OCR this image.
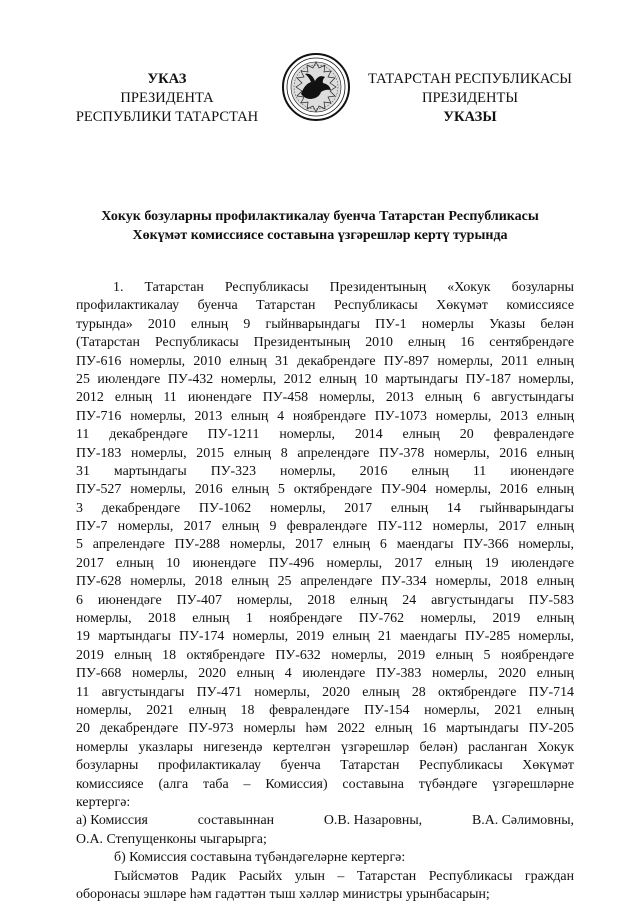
УКАЗ
ПРЕЗИДЕНТА
РЕСПУБЛИКИ ТАТАРСТАН
ТАТАРСТАН РЕСПУБЛИКАСЫ
ПРЕЗИДЕНТЫ
УКАЗЫ
Хокук бозуларны профилактикалау буенча Татарстан Республикасы
Хөкүмәт комиссиясе составына үзгәрешләр кертү турында
1. Татарстан Республикасы Президентының «Хокук бозуларны
профилактикалау буенча Татарстан Республикасы Хөкүмәт комиссиясе
турында» 2010 елның 9 гыйнварындагы ПУ-1 номерлы Указы белән
(Татарстан Республикасы Президентының 2010 елның 16 сентябрендәге
ПУ-616 номерлы, 2010 елның 31 декабрендәге ПУ-897 номерлы, 2011 елның
25 июлендәге ПУ-432 номерлы, 2012 елның 10 мартындагы ПУ-187 номерлы,
2012 елның 11 июнендәге ПУ-458 номерлы, 2013 елның 6 августындагы
ПУ-716 номерлы, 2013 елның 4 ноябрендәге ПУ-1073 номерлы, 2013 елның
11 декабрендәге ПУ-1211 номерлы, 2014 елның 20 февралендәге
ПУ-183 номерлы, 2015 елның 8 апрелендәге ПУ-378 номерлы, 2016 елның
31 мартындагы ПУ-323 номерлы, 2016 елның 11 июнендәге
ПУ-527 номерлы, 2016 елның 5 октябрендәге ПУ-904 номерлы, 2016 елның
3 декабрендәге ПУ-1062 номерлы, 2017 елның 14 гыйнварындагы
ПУ-7 номерлы, 2017 елның 9 февралендәге ПУ-112 номерлы, 2017 елның
5 апрелендәге ПУ-288 номерлы, 2017 елның 6 маендагы ПУ-366 номерлы,
2017 елның 10 июнендәге ПУ-496 номерлы, 2017 елның 19 июлендәге
ПУ-628 номерлы, 2018 елның 25 апрелендәге ПУ-334 номерлы, 2018 елның
6 июнендәге ПУ-407 номерлы, 2018 елның 24 августындагы ПУ-583
номерлы, 2018 елның 1 ноябрендәге ПУ-762 номерлы, 2019 елның
19 мартындагы ПУ-174 номерлы, 2019 елның 21 маендагы ПУ-285 номерлы,
2019 елның 18 октябрендәге ПУ-632 номерлы, 2019 елның 5 ноябрендәге
ПУ-668 номерлы, 2020 елның 4 июлендәге ПУ-383 номерлы, 2020 елның
11 августындагы ПУ-471 номерлы, 2020 елның 28 октябрендәге ПУ-714
номерлы, 2021 елның 18 февралендәге ПУ-154 номерлы, 2021 елның
20 декабрендәге ПУ-973 номерлы һәм 2022 елның 16 мартындагы ПУ-205
номерлы указлары нигезендә кертелгән үзгәрешләр белән) расланган Хокук
бозуларны профилактикалау буенча Татарстан Республикасы Хөкүмәт
комиссиясе (алга таба – Комиссия) составына түбәндәге үзгәрешләрне
кертергә:
а) Комиссия	составыннан	О.В. Назаровны,	В.А. Сәлимовны,
О.А. Степущенконы чыгарырга;
б) Комиссия составына түбәндәгеләрне кертергә:
Гыйсмәтов Радик Расыйх улын – Татарстан Республикасы граждан
оборонасы эшләре һәм гадәттән тыш хәлләр министры урынбасарын;
